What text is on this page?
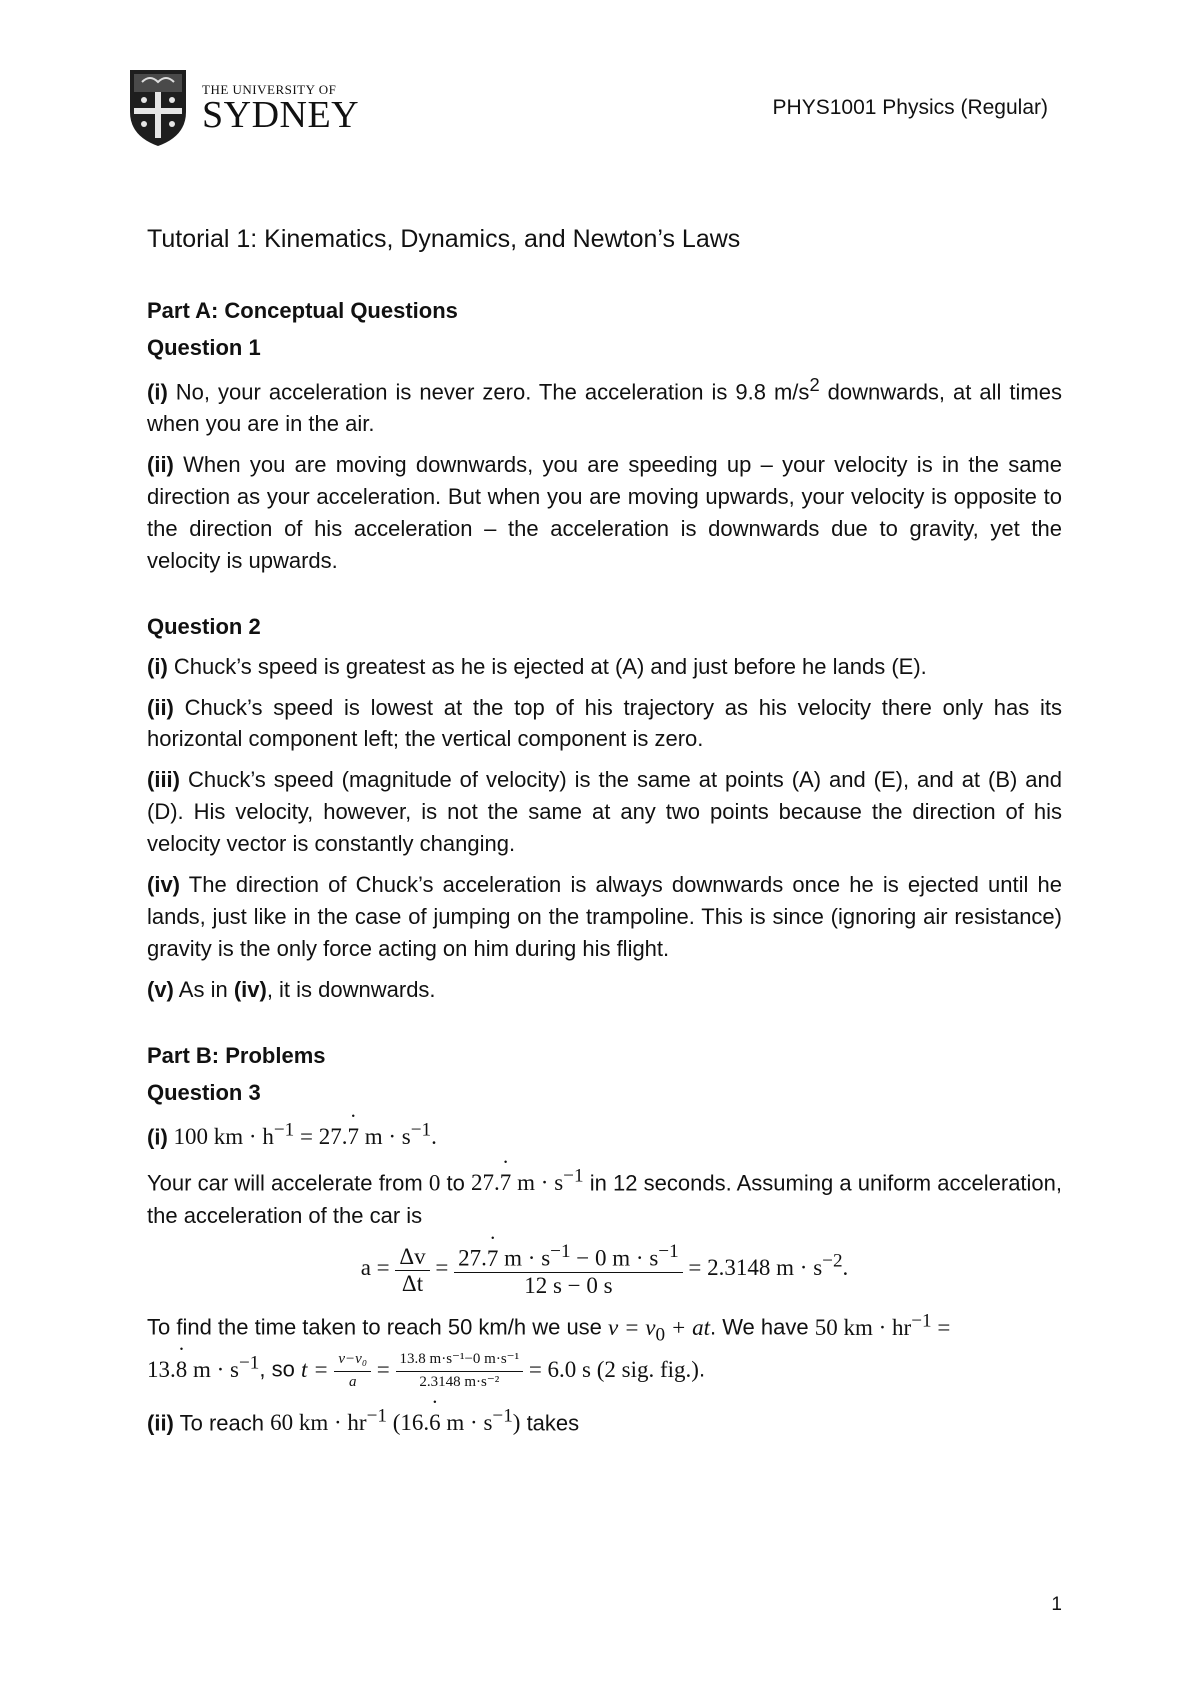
THE UNIVERSITY OF
SYDNEY	PHYS1001 Physics (Regular)
Tutorial 1: Kinematics, Dynamics, and Newton’s Laws
Part A: Conceptual Questions
Question 1

(i) No, your acceleration is never zero. The acceleration is 9.8 $m/s^2$ downwards, at all times when you are in the air.

(ii) When you are moving downwards, you are speeding up – your velocity is in the same direction as your acceleration. But when you are moving upwards, your velocity is opposite to the direction of his acceleration – the acceleration is downwards due to gravity, yet the velocity is upwards.

Question 2

(i) Chuck’s speed is greatest as he is ejected at (A) and just before he lands (E).

(ii) Chuck’s speed is lowest at the top of his trajectory as his velocity there only has its horizontal component left; the vertical component is zero.

(iii) Chuck’s speed (magnitude of velocity) is the same at points (A) and (E), and at (B) and (D). His velocity, however, is not the same at any two points because the direction of his velocity vector is constantly changing.

(iv) The direction of Chuck’s acceleration is always downwards once he is ejected until he lands, just like in the case of jumping on the trampoline. This is since (ignoring air resistance) gravity is the only force acting on him during his flight.

(v) As in (iv), it is downwards.

Part B: Problems
Question 3

(i) 100 km · $h^{-1}$ = 27.˙ 7 $m \cdot s^{-1}$.

Your car will accelerate from 0 to 27.˙ 7 $m \cdot s^{-1}$ in 12 seconds. Assuming a uniform acceleration, the acceleration of the car is

$a = \frac{\Delta v}{\Delta t} = \frac{27.˙ 7 m \cdot s^{-1} - 0 m \cdot s^{-1}}{12 s - 0 s} = 2.3148$ $m \cdot s^{-2}$.

To find the time taken to reach 50 km/h we use $v = v_0$ + at. We have 50 km · $hr^{-1}$ =
13.˙ 8 $m \cdot s^{-1}$, so $t = \frac{\text{v−v₀}}{a} = \frac{\text{13.8 m·s⁻¹−0 m·s⁻¹}}{\text{2.3148 m·s⁻²}} = 6.0$ s (2 sig. fig.).

(ii) To reach 60 km · $hr^{-1}$ (16.˙ 6 $m \cdot s^{-1}$) takes

1
